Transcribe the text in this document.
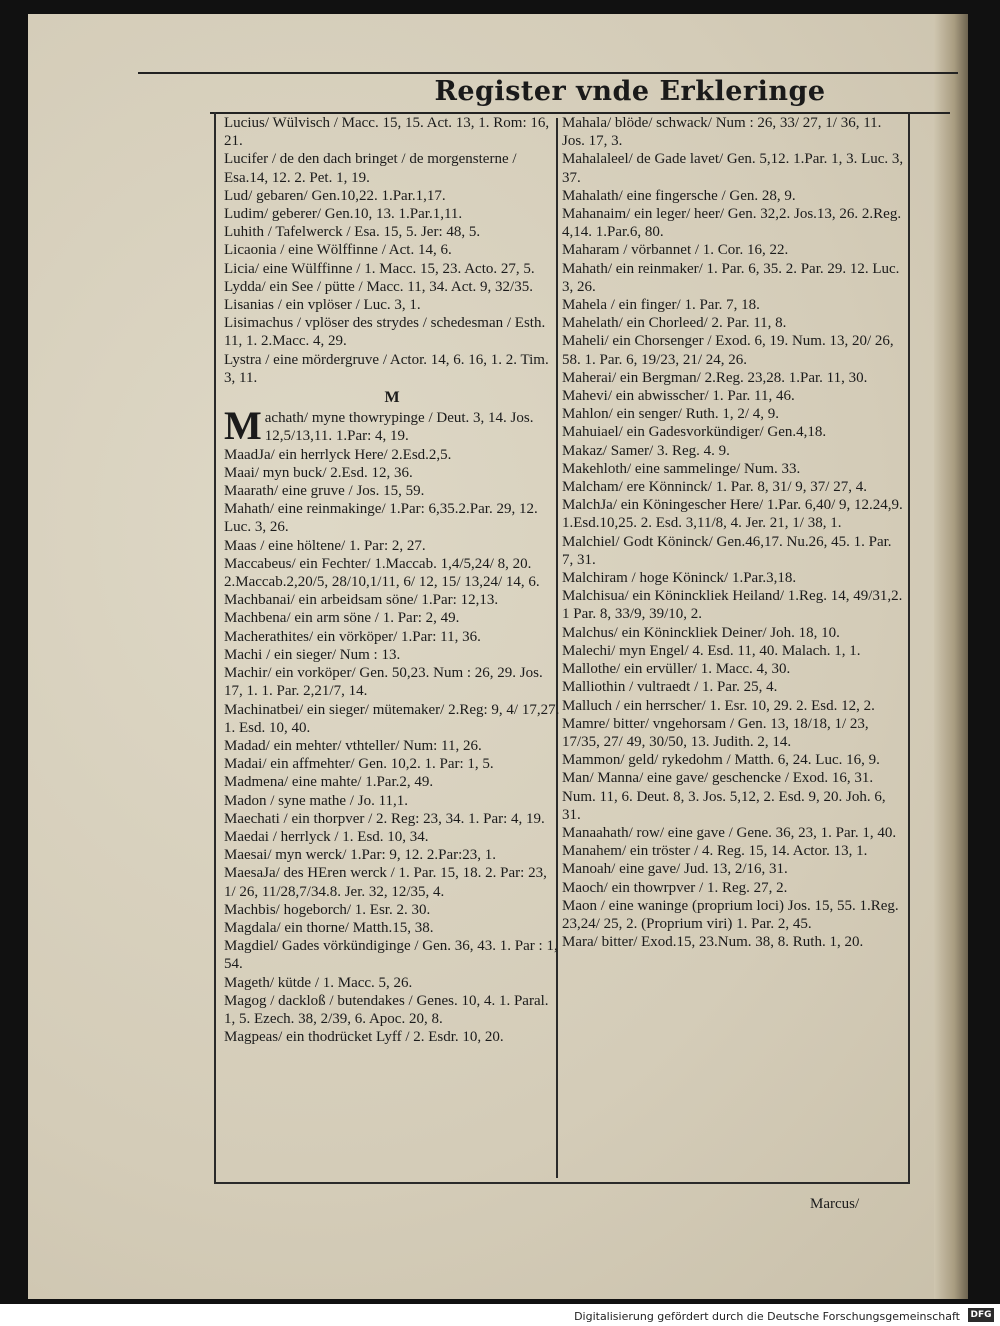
Register vnde Erkleringe
Lucius/ Wülvisch / Macc. 15, 15. Act. 13, 1. Rom: 16, 21.
Lucifer / de den dach bringet / de morgensterne / Esa.14, 12. 2. Pet. 1, 19.
Lud/ gebaren/ Gen.10,22. 1.Par.1,17.
Ludim/ geberer/ Gen.10, 13. 1.Par.1,11.
Luhith / Tafelwerck / Esa. 15, 5. Jer: 48, 5.
Licaonia / eine Wölffinne / Act. 14, 6.
Licia/ eine Wülffinne / 1. Macc. 15, 23. Acto. 27, 5.
Lydda/ ein See / pütte / Macc. 11, 34. Act. 9, 32/35.
Lisanias / ein vplöser / Luc. 3, 1.
Lisimachus / vplöser des strydes / schedesman / Esth. 11, 1. 2.Macc. 4, 29.
Lystra / eine mördergruve / Actor. 14, 6. 16, 1. 2. Tim. 3, 11.
M
M achath/ myne thowrypinge / Deut. 3, 14. Jos. 12,5/13,11. 1.Par: 4, 19.
MaadJa/ ein herrlyck Here/ 2.Esd.2,5.
Maai/ myn buck/ 2.Esd. 12, 36.
Maarath/ eine gruve / Jos. 15, 59.
Mahath/ eine reinmakinge/ 1.Par: 6,35.2.Par. 29, 12. Luc. 3, 26.
Maas / eine höltene/ 1. Par: 2, 27.
Maccabeus/ ein Fechter/ 1.Maccab. 1,4/5,24/ 8, 20. 2.Maccab.2,20/5, 28/10,1/11, 6/ 12, 15/ 13,24/ 14, 6.
Machbanai/ ein arbeidsam söne/ 1.Par: 12,13.
Machbena/ ein arm söne / 1. Par: 2, 49.
Macherathites/ ein vörköper/ 1.Par: 11, 36.
Machi / ein sieger/ Num : 13.
Machir/ ein vorköper/ Gen. 50,23. Num : 26, 29. Jos. 17, 1. 1. Par. 2,21/7, 14.
Machinatbei/ ein sieger/ mütemaker/ 2.Reg: 9, 4/ 17,27. 1. Esd. 10, 40.
Madad/ ein mehter/ vthteller/ Num: 11, 26.
Madai/ ein affmehter/ Gen. 10,2. 1. Par: 1, 5.
Madmena/ eine mahte/ 1.Par.2, 49.
Madon / syne mathe / Jo. 11,1.
Maechati / ein thorpver / 2. Reg: 23, 34. 1. Par: 4, 19.
Maedai / herrlyck / 1. Esd. 10, 34.
Maesai/ myn werck/ 1.Par: 9, 12. 2.Par:23, 1.
MaesaJa/ des HEren werck / 1. Par. 15, 18. 2. Par: 23, 1/ 26, 11/28,7/34.8. Jer. 32, 12/35, 4.
Machbis/ hogeborch/ 1. Esr. 2. 30.
Magdala/ ein thorne/ Matth.15, 38.
Magdiel/ Gades vörkündiginge / Gen. 36, 43. 1. Par : 1, 54.
Mageth/ kütde / 1. Macc. 5, 26.
Magog / dackloß / butendakes / Genes. 10, 4. 1. Paral. 1, 5. Ezech. 38, 2/39, 6. Apoc. 20, 8.
Magpeas/ ein thodrücket Lyff / 2. Esdr. 10, 20.
Mahala/ blöde/ schwack/ Num : 26, 33/ 27, 1/ 36, 11. Jos. 17, 3.
Mahalaleel/ de Gade lavet/ Gen. 5,12. 1.Par. 1, 3. Luc. 3, 37.
Mahalath/ eine fingersche / Gen. 28, 9.
Mahanaim/ ein leger/ heer/ Gen. 32,2. Jos.13, 26. 2.Reg. 4,14. 1.Par.6, 80.
Maharam / vörbannet / 1. Cor. 16, 22.
Mahath/ ein reinmaker/ 1. Par. 6, 35. 2. Par. 29. 12. Luc. 3, 26.
Mahela / ein finger/ 1. Par. 7, 18.
Mahelath/ ein Chorleed/ 2. Par. 11, 8.
Maheli/ ein Chorsenger / Exod. 6, 19. Num. 13, 20/ 26, 58. 1. Par. 6, 19/23, 21/ 24, 26.
Maherai/ ein Bergman/ 2.Reg. 23,28. 1.Par. 11, 30.
Mahevi/ ein abwisscher/ 1. Par. 11, 46.
Mahlon/ ein senger/ Ruth. 1, 2/ 4, 9.
Mahuiael/ ein Gadesvorkündiger/ Gen.4,18.
Makaz/ Samer/ 3. Reg. 4. 9.
Makehloth/ eine sammelinge/ Num. 33.
Malcham/ ere Könninck/ 1. Par. 8, 31/ 9, 37/ 27, 4.
MalchJa/ ein Köningescher Here/ 1.Par. 6,40/ 9, 12.24,9. 1.Esd.10,25. 2. Esd. 3,11/8, 4. Jer. 21, 1/ 38, 1.
Malchiel/ Godt Köninck/ Gen.46,17. Nu.26, 45. 1. Par. 7, 31.
Malchiram / hoge Köninck/ 1.Par.3,18.
Malchisua/ ein Köninckliek Heiland/ 1.Reg. 14, 49/31,2. 1 Par. 8, 33/9, 39/10, 2.
Malchus/ ein Köninckliek Deiner/ Joh. 18, 10.
Malechi/ myn Engel/ 4. Esd. 11, 40. Malach. 1, 1.
Mallothe/ ein ervüller/ 1. Macc. 4, 30.
Malliothin / vultraedt / 1. Par. 25, 4.
Malluch / ein herrscher/ 1. Esr. 10, 29. 2. Esd. 12, 2.
Mamre/ bitter/ vngehorsam / Gen. 13, 18/18, 1/ 23, 17/35, 27/ 49, 30/50, 13. Judith. 2, 14.
Mammon/ geld/ rykedohm / Matth. 6, 24. Luc. 16, 9.
Man/ Manna/ eine gave/ geschencke / Exod. 16, 31. Num. 11, 6. Deut. 8, 3. Jos. 5,12, 2. Esd. 9, 20. Joh. 6, 31.
Manaahath/ row/ eine gave / Gene. 36, 23, 1. Par. 1, 40.
Manahem/ ein tröster / 4. Reg. 15, 14. Actor. 13, 1.
Manoah/ eine gave/ Jud. 13, 2/16, 31.
Maoch/ ein thowrpver / 1. Reg. 27, 2.
Maon / eine waninge (proprium loci) Jos. 15, 55. 1.Reg. 23,24/ 25, 2. (Proprium viri) 1. Par. 2, 45.
Mara/ bitter/ Exod.15, 23.Num. 38, 8. Ruth. 1, 20.
Marcus/
Digitalisierung gefördert durch die Deutsche Forschungsgemeinschaft DFG
